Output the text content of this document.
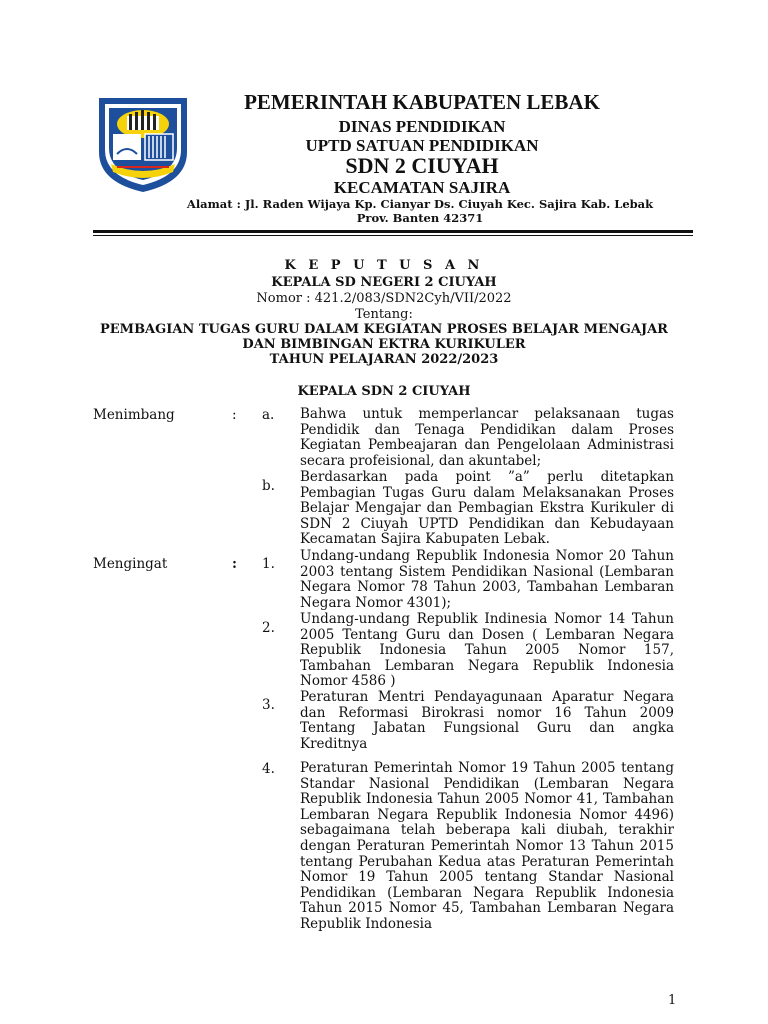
PEMERINTAH KABUPATEN LEBAK
DINAS PENDIDIKAN
UPTD SATUAN PENDIDIKAN
SDN 2 CIUYAH
KECAMATAN SAJIRA
Alamat : Jl. Raden Wijaya Kp. Cianyar Ds. Ciuyah Kec. Sajira Kab. Lebak
Prov. Banten 42371
K E P U T U S A N
KEPALA SD NEGERI 2 CIUYAH
Nomor : 421.2/083/SDN2Cyh/VII/2022
Tentang:
PEMBAGIAN TUGAS GURU DALAM KEGIATAN PROSES BELAJAR MENGAJAR
DAN BIMBINGAN EKTRA KURIKULER
TAHUN PELAJARAN 2022/2023
KEPALA SDN 2 CIUYAH
Menimbang	: a. Bahwa untuk memperlancar pelaksanaan tugas Pendidik dan Tenaga Pendidikan dalam Proses Kegiatan Pembeajaran dan Pengelolaan Administrasi secara profeisional, dan akuntabel;
b.
Berdasarkan pada point ”a” perlu ditetapkan Pembagian Tugas Guru dalam Melaksanakan Proses Belajar Mengajar dan Pembagian Ekstra Kurikuler di SDN 2 Ciuyah UPTD Pendidikan dan Kebudayaan Kecamatan Sajira Kabupaten Lebak.
Mengingat	: 1. Undang-undang Republik Indonesia Nomor 20 Tahun 2003 tentang Sistem Pendidikan Nasional (Lembaran Negara Nomor 78 Tahun 2003, Tambahan Lembaran Negara Nomor 4301);
2.
Undang-undang Republik Indinesia Nomor 14 Tahun 2005 Tentang Guru dan Dosen ( Lembaran Negara Republik Indonesia Tahun 2005 Nomor 157, Tambahan Lembaran Negara Republik Indonesia Nomor 4586 )
3. Peraturan Mentri Pendayagunaan Aparatur Negara dan Reformasi Birokrasi nomor 16 Tahun 2009 Tentang Jabatan Fungsional Guru dan angka Kreditnya
4. Peraturan Pemerintah Nomor 19 Tahun 2005 tentang Standar Nasional Pendidikan (Lembaran Negara Republik Indonesia Tahun 2005 Nomor 41, Tambahan Lembaran Negara Republik Indonesia Nomor 4496) sebagaimana telah beberapa kali diubah, terakhir dengan Peraturan Pemerintah Nomor 13 Tahun 2015 tentang Perubahan Kedua atas Peraturan Pemerintah Nomor 19 Tahun 2005 tentang Standar Nasional Pendidikan (Lembaran Negara Republik Indonesia Tahun 2015 Nomor 45, Tambahan Lembaran Negara Republik Indonesia
1
